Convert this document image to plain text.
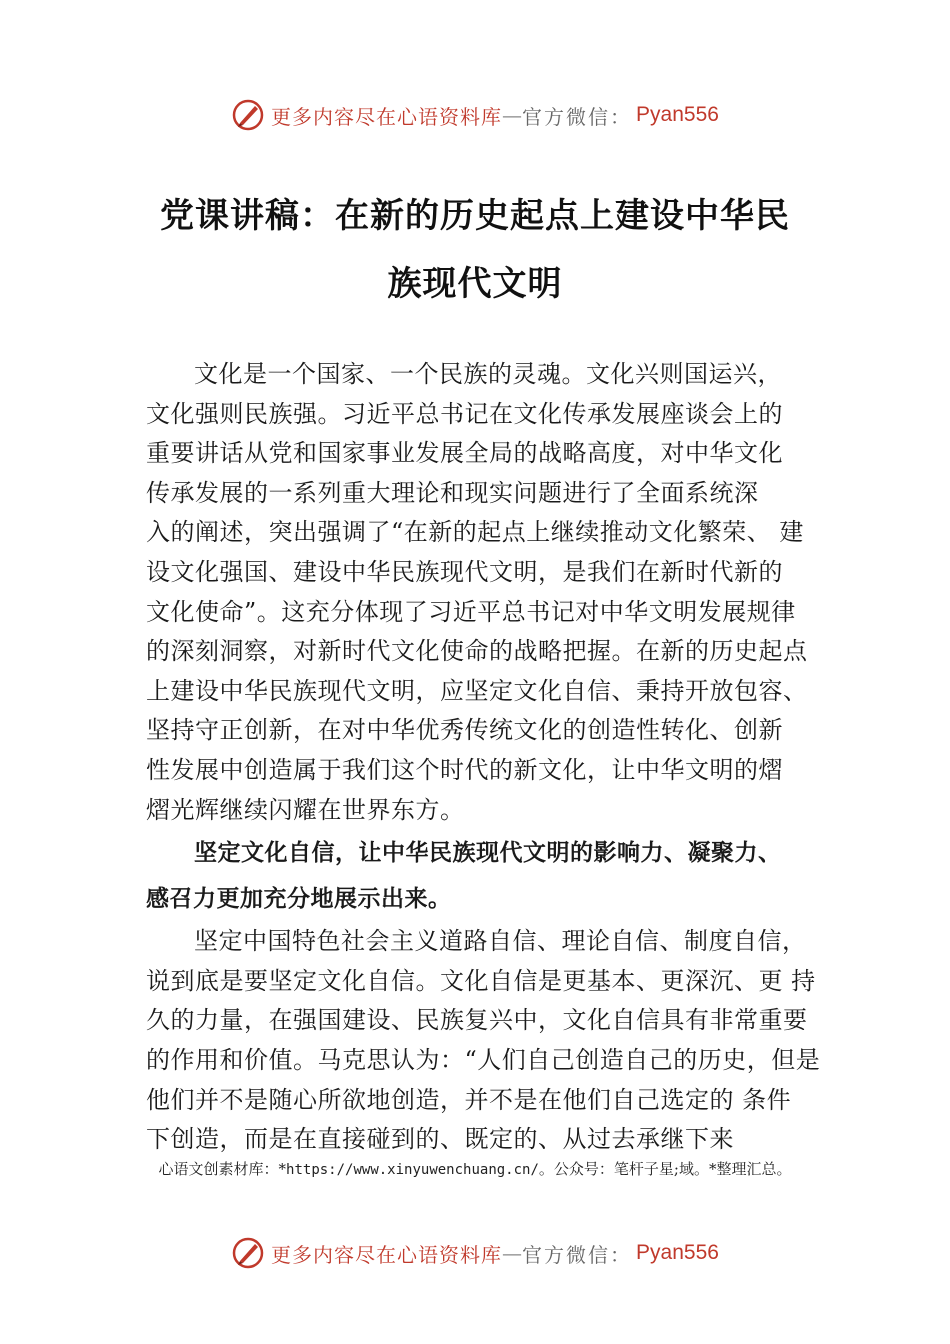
更多内容尽在心语资料库 — 官方微信： Pyan556
党课讲稿：在新的历史起点上建设中华民
族现代文明
文化是一个国家、一个民族的灵魂。文化兴则国运兴，
文化强则民族强。习近平总书记在文化传承发展座谈会上的
重要讲话从党和国家事业发展全局的战略高度，对中华文化
传承发展的一系列重大理论和现实问题进行了全面系统深
入的阐述，突出强调了“在新的起点上继续推动文化繁荣、 建
设文化强国、建设中华民族现代文明，是我们在新时代新的
文化使命”。这充分体现了习近平总书记对中华文明发展规律
的深刻洞察，对新时代文化使命的战略把握。在新的历史起点
上建设中华民族现代文明，应坚定文化自信、秉持开放包容、
坚持守正创新，在对中华优秀传统文化的创造性转化、创新
性发展中创造属于我们这个时代的新文化，让中华文明的熠
熠光辉继续闪耀在世界东方。
坚定文化自信，让中华民族现代文明的影响力、凝聚力、
感召力更加充分地展示出来。
坚定中国特色社会主义道路自信、理论自信、制度自信，
说到底是要坚定文化自信。文化自信是更基本、更深沉、更 持
久的力量，在强国建设、民族复兴中，文化自信具有非常重要
的作用和价值。马克思认为：“人们自己创造自己的历史，但是
他们并不是随心所欲地创造，并不是在他们自己选定的 条件
下创造，而是在直接碰到的、既定的、从过去承继下来
心语文创素材库：*https://www.xinyuwenchuang.cn/。公众号：笔杆子星;域。*整理汇总。
更多内容尽在心语资料库 — 官方微信： Pyan556
